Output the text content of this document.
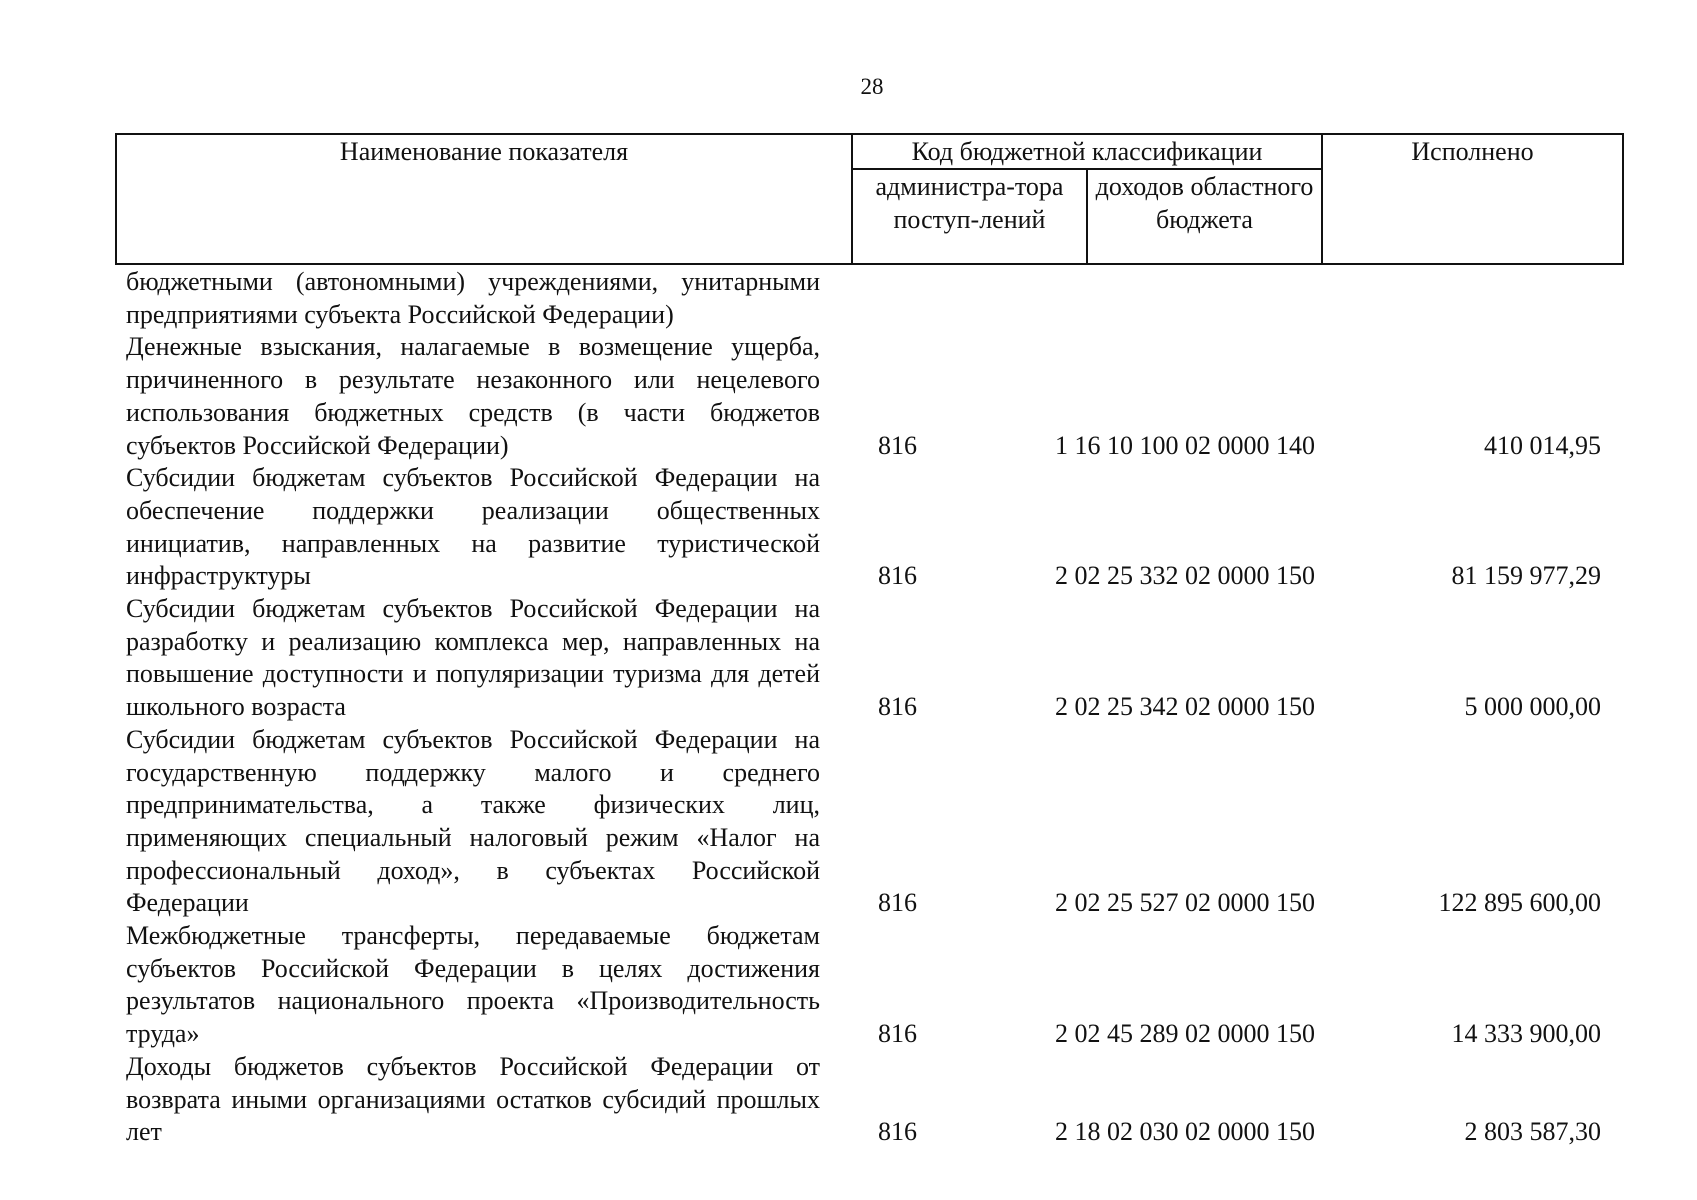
28
Наименование показателя	Код бюджетной классификации		Исполнено
	администра-тора поступ-лений	доходов областного бюджета	
бюджетными (автономными) учреждениями, унитарными предприятиями субъекта Российской Федерации)
Денежные взыскания, налагаемые в возмещение ущерба, причиненного в результате незаконного или нецелевого использования бюджетных средств (в части бюджетов субъектов Российской Федерации)	816	1 16 10 100 02 0000 140	410 014,95
Субсидии бюджетам субъектов Российской Федерации на обеспечение поддержки реализации общественных инициатив, направленных на развитие туристической инфраструктуры	816	2 02 25 332 02 0000 150	81 159 977,29
Субсидии бюджетам субъектов Российской Федерации на разработку и реализацию комплекса мер, направленных на повышение доступности и популяризации туризма для детей школьного возраста	816	2 02 25 342 02 0000 150	5 000 000,00
Субсидии бюджетам субъектов Российской Федерации на государственную поддержку малого и среднего предпринимательства, а также физических лиц, применяющих специальный налоговый режим «Налог на профессиональный доход», в субъектах Российской Федерации	816	2 02 25 527 02 0000 150	122 895 600,00
Межбюджетные трансферты, передаваемые бюджетам субъектов Российской Федерации в целях достижения результатов национального проекта «Производительность труда»	816	2 02 45 289 02 0000 150	14 333 900,00
Доходы бюджетов субъектов Российской Федерации от возврата иными организациями остатков субсидий прошлых лет	816	2 18 02 030 02 0000 150	2 803 587,30
